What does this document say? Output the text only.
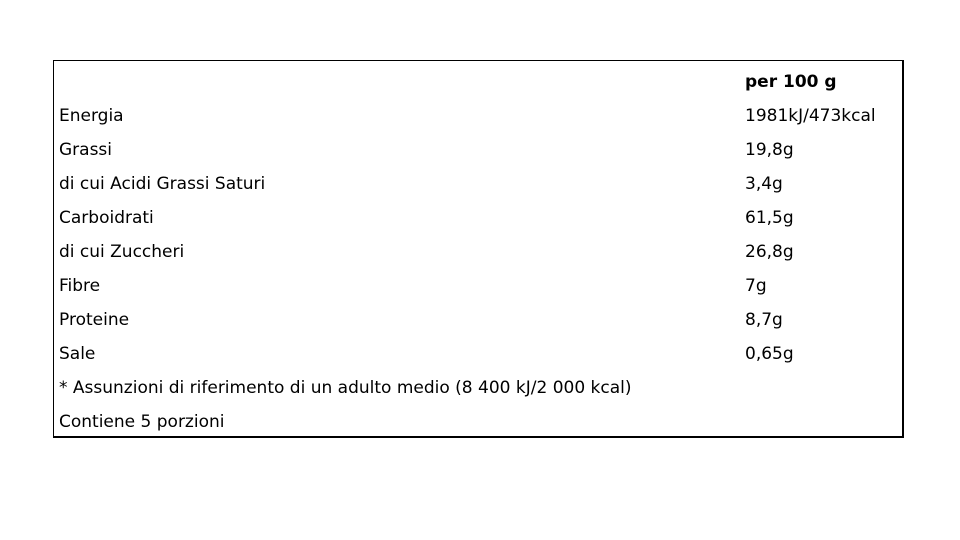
per 100 g
Energia	1981kJ/473kcal
Grassi	19,8g
di cui Acidi Grassi Saturi	3,4g
Carboidrati	61,5g
di cui Zuccheri	26,8g
Fibre	7g
Proteine	8,7g
Sale	0,65g
* Assunzioni di riferimento di un adulto medio (8 400 kJ/2 000 kcal)
Contiene 5 porzioni
